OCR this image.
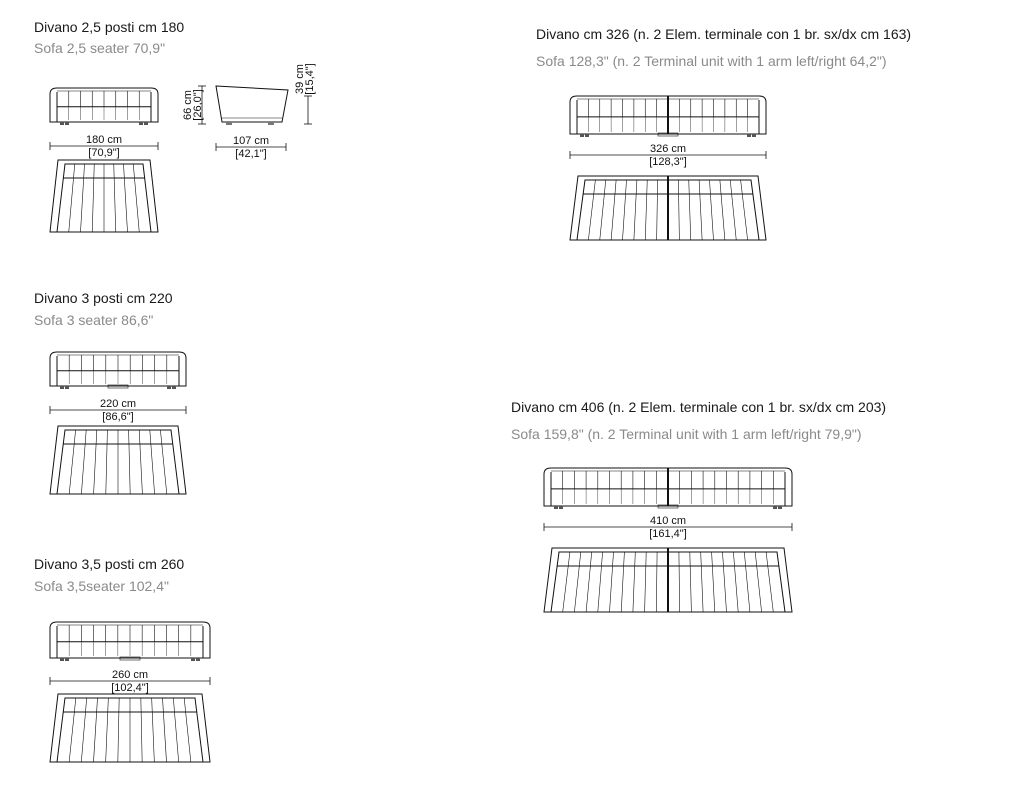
Divano 2,5 posti cm 180
Sofa 2,5 seater 70,9"
180 cm
[70,9"]
66 cm
[26,0"]
39 cm
[15,4"]
107 cm
[42,1"]
Divano 3 posti cm 220
Sofa 3 seater 86,6"
220 cm
[86,6"]
Divano 3,5 posti cm 260
Sofa 3,5seater 102,4"
260 cm
[102,4"]
Divano cm 326 (n. 2 Elem. terminale con 1 br. sx/dx cm 163)
Sofa 128,3" (n. 2 Terminal unit with 1 arm left/right 64,2")
326 cm
[128,3"]
Divano cm 406 (n. 2 Elem. terminale con 1 br. sx/dx cm 203)
Sofa 159,8" (n. 2 Terminal unit with 1 arm left/right 79,9")
410 cm
[161,4"]
